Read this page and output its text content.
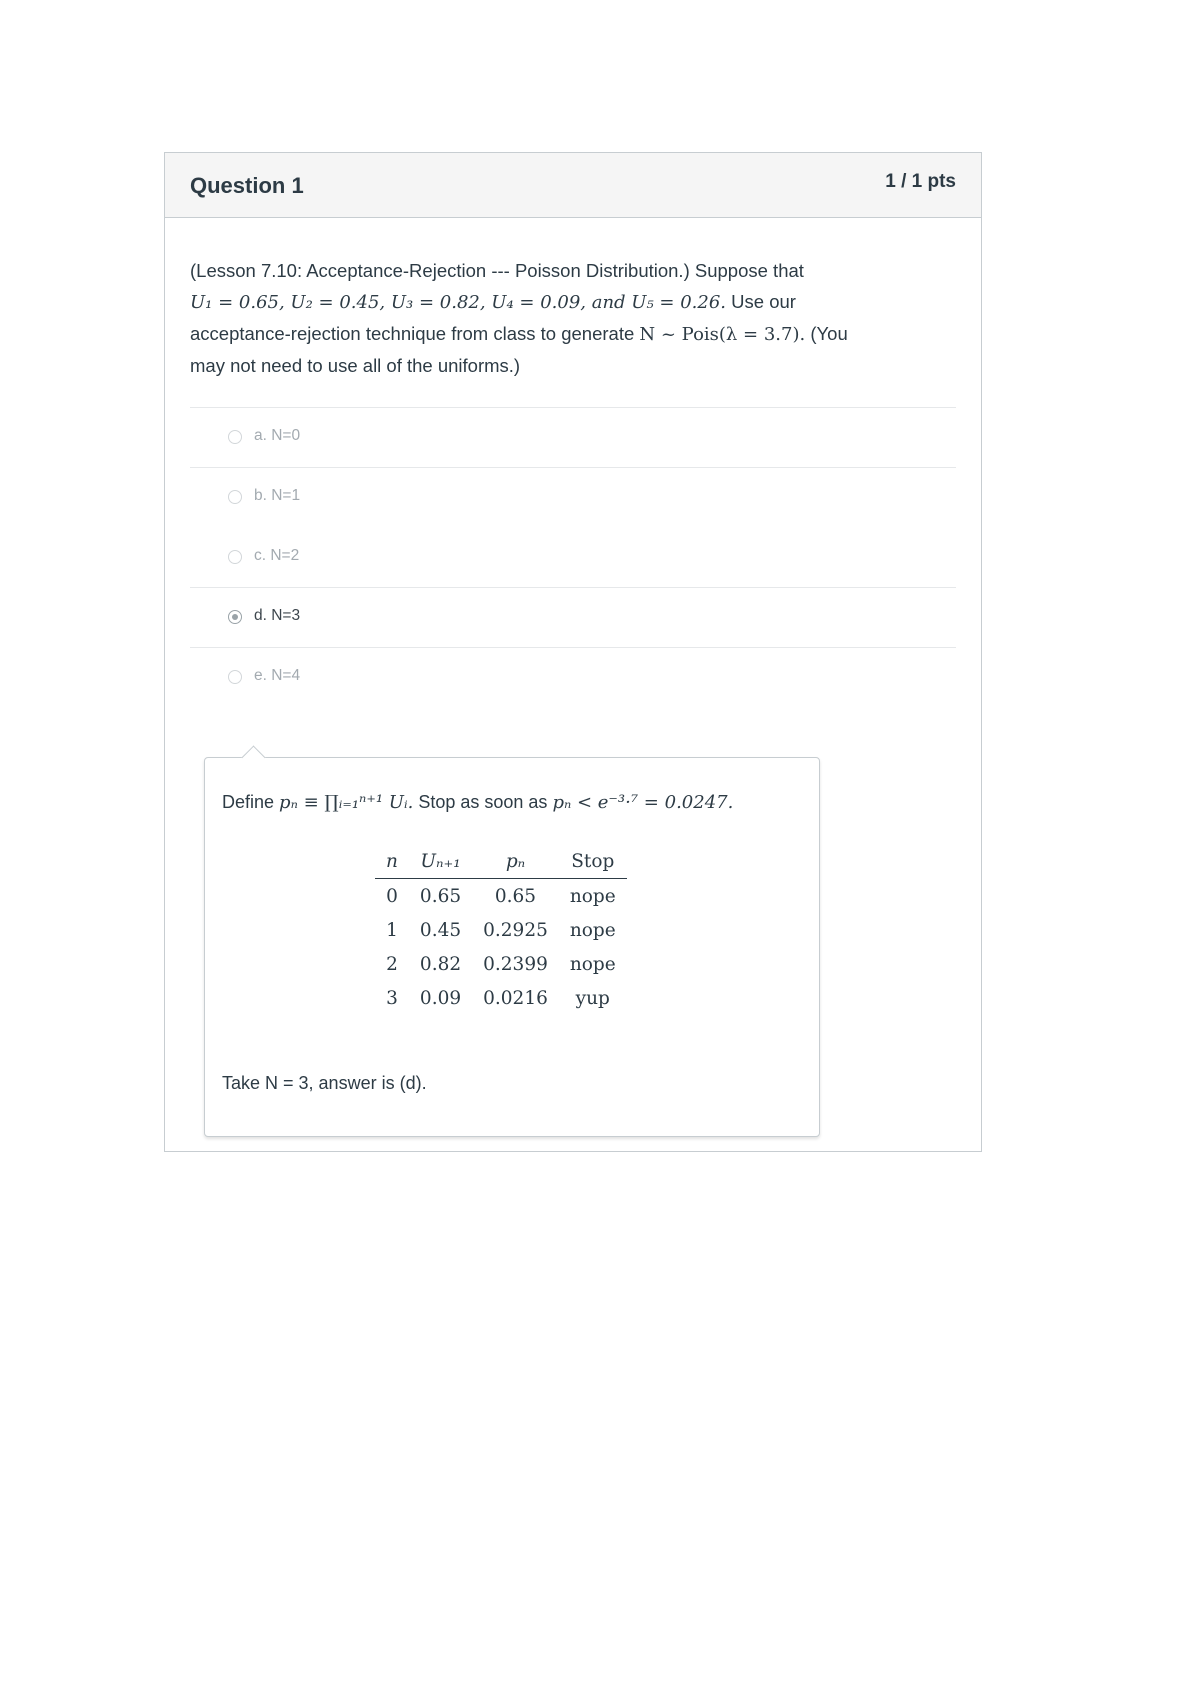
Question 1	1 / 1 pts
(Lesson 7.10: Acceptance-Rejection --- Poisson Distribution.) Suppose that
U₁ = 0.65, U₂ = 0.45, U₃ = 0.82, U₄ = 0.09, and U₅ = 0.26. Use our
acceptance-rejection technique from class to generate N ~ Pois(λ = 3.7). (You
may not need to use all of the uniforms.)
a. N=0
b. N=1
c. N=2
d. N=3
e. N=4
Define pₙ ≡ ∏ᵢ₌₁ⁿ⁺¹ Uᵢ. Stop as soon as pₙ < e⁻³·⁷ = 0.0247.
n	Uₙ₊₁	pₙ	Stop
0	0.65	0.65	nope
1	0.45	0.2925	nope
2	0.82	0.2399	nope
3	0.09	0.0216	yup
Take N = 3, answer is (d).
